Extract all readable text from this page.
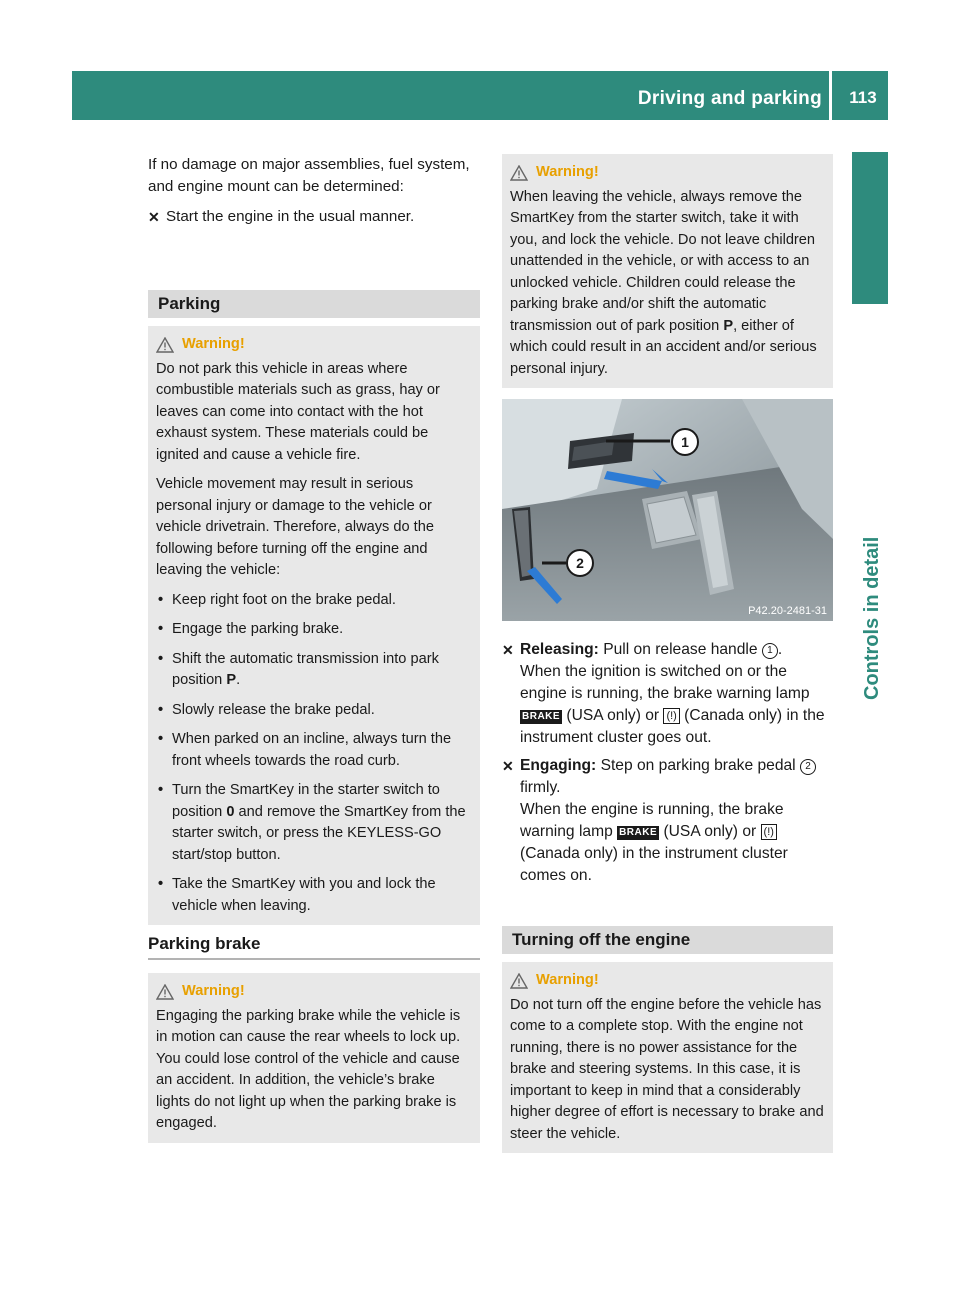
Driving and parking	113
Controls in detail

If no damage on major assemblies, fuel system, and engine mount can be determined:

✕ Start the engine in the usual manner.

Parking
Warning!

Do not park this vehicle in areas where combustible materials such as grass, hay or leaves can come into contact with the hot exhaust system. These materials could be ignited and cause a vehicle fire.

Vehicle movement may result in serious personal injury or damage to the vehicle or vehicle drivetrain. Therefore, always do the following before turning off the engine and leaving the vehicle:

• Keep right foot on the brake pedal.
• Engage the parking brake.
• Shift the automatic transmission into park position P.
• Slowly release the brake pedal.
• When parked on an incline, always turn the front wheels towards the road curb.
• Turn the SmartKey in the starter switch to position 0 and remove the SmartKey from the starter switch, or press the KEYLESS-GO start/stop button.
• Take the SmartKey with you and lock the vehicle when leaving.
Parking brake
Warning!

Engaging the parking brake while the vehicle is in motion can cause the rear wheels to lock up. You could lose control of the vehicle and cause an accident. In addition, the vehicle’s brake lights do not light up when the parking brake is engaged.

Warning!

When leaving the vehicle, always remove the SmartKey from the starter switch, take it with you, and lock the vehicle. Do not leave children unattended in the vehicle, or with access to an unlocked vehicle. Children could release the parking brake and/or shift the automatic transmission out of park position P, either of which could result in an accident and/or serious personal injury.

1
2
P42.20-2481-31

✕ Releasing: Pull on release handle 1 .
When the ignition is switched on or the engine is running, the brake warning lamp BRAKE (USA only) or (!) (Canada only) in the instrument cluster goes out.

✕ Engaging: Step on parking brake pedal 2 firmly.
When the engine is running, the brake warning lamp BRAKE (USA only) or (!) (Canada only) in the instrument cluster comes on.

Turning off the engine
Warning!

Do not turn off the engine before the vehicle has come to a complete stop. With the engine not running, there is no power assistance for the brake and steering systems. In this case, it is important to keep in mind that a considerably higher degree of effort is necessary to brake and steer the vehicle.
